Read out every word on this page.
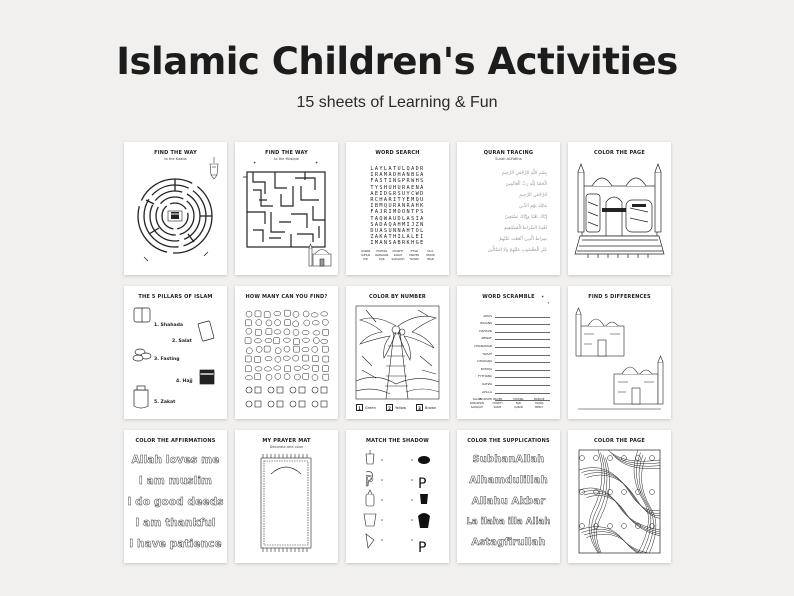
Islamic Children's Activities
15 sheets of Learning & Fun
FIND THE WAY
to the Kaaba
FIND THE WAY
to the Mosque
✦
✦
WORD SEARCH
LAYLATULQADR
IRAMADHANBGA
FASTINGPRWHS
TYSHUHURAENA
AEIDGRSUYCWD
RCHARITYEMQU
IBMQURANRAHK
FAJRIMOONTPS
TAQWAUDLASIA
SADAQAHMIJZN
DUASUNNAHTOL
ZAKATHILALEI
IMANSABRKHGE
QURAN	FASTING	CHARITY	IFTAR	DUA
SUHUR	RAMADAN	ZAKAT	PRAYER	MOON
EID	FAJR	SADAQAH	TAQWA	IMAN
QURAN TRACING
Surah Al-Fatiha
بِسْمِ اللَّهِ الرَّحْمَٰنِ الرَّحِيمِ
الْحَمْدُ لِلَّهِ رَبِّ الْعَالَمِينَ
الرَّحْمَٰنِ الرَّحِيمِ
مَالِكِ يَوْمِ الدِّينِ
إِيَّاكَ نَعْبُدُ وَإِيَّاكَ نَسْتَعِينُ
اهْدِنَا الصِّرَاطَ الْمُسْتَقِيمَ
صِرَاطَ الَّذِينَ أَنْعَمْتَ عَلَيْهِمْ
غَيْرِ الْمَغْضُوبِ عَلَيْهِمْ وَلَا الضَّالِّينَ
COLOR THE PAGE
THE 5 PILLARS OF ISLAM
1. Shahada
2. Salat
3. Fasting
4. Hajj
5. Zakat
HOW MANY CAN YOU FIND?	COLOR BY NUMBER
1	Green	2	Yellow	3	Brown
WORD SCRAMBLE	✦
✦
AMUS
IMUANS
HADSUR
REWAF
DHANAMAR
TAHAT
DHAKARA
RUMQA
FYTHANC
KATZA
AHLLA
BDOSIHI
SALAH	PRAYER	FASTING	MOSQUE
RAMADHAN	CHARITY	FAJR	TAQWA
SADAQAH	ZAKAT	QURAN	MERCY
FIND 5 DIFFERENCES
COLOR THE AFFIRMATIONS
Allah loves me
I am muslim
I do good deeds
I am thankful
I have patience
MY PRAYER MAT
Decorate and color
MATCH THE SHADOW
P	P
P
COLOR THE SUPPLICATIONS
SubhanAllah
Alhamdulillah
Allahu Akbar
La ilaha illa Allah
Astagfirullah
COLOR THE PAGE
